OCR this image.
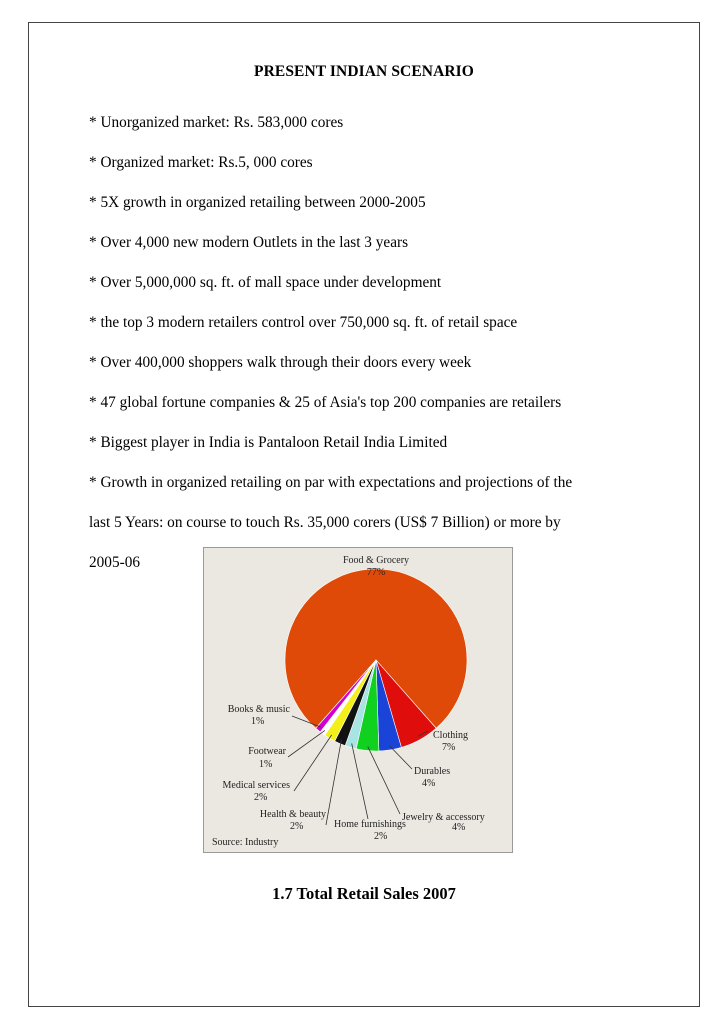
PRESENT INDIAN SCENARIO
* Unorganized market: Rs. 583,000 cores
* Organized market: Rs.5, 000 cores
* 5X growth in organized retailing between 2000-2005
* Over 4,000 new modern Outlets in the last 3 years
* Over 5,000,000 sq. ft. of mall space under development
* the top 3 modern retailers control over 750,000 sq. ft. of retail space
* Over 400,000 shoppers walk through their doors every week
* 47 global fortune companies & 25 of Asia's top 200 companies are retailers
* Biggest player in India is Pantaloon Retail India Limited
* Growth in organized retailing on par with expectations and projections of the
last 5 Years: on course to touch Rs. 35,000 corers (US$ 7 Billion) or more by
2005-06	Food & Grocery
77%
Clothing
7%
Durables
4%
Jewelry & accessory
4%
Home furnishings
2%
Health & beauty
2%
Medical services
2%
Footwear
1%
Books & music
1%
Source: Industry
1.7 Total Retail Sales 2007
